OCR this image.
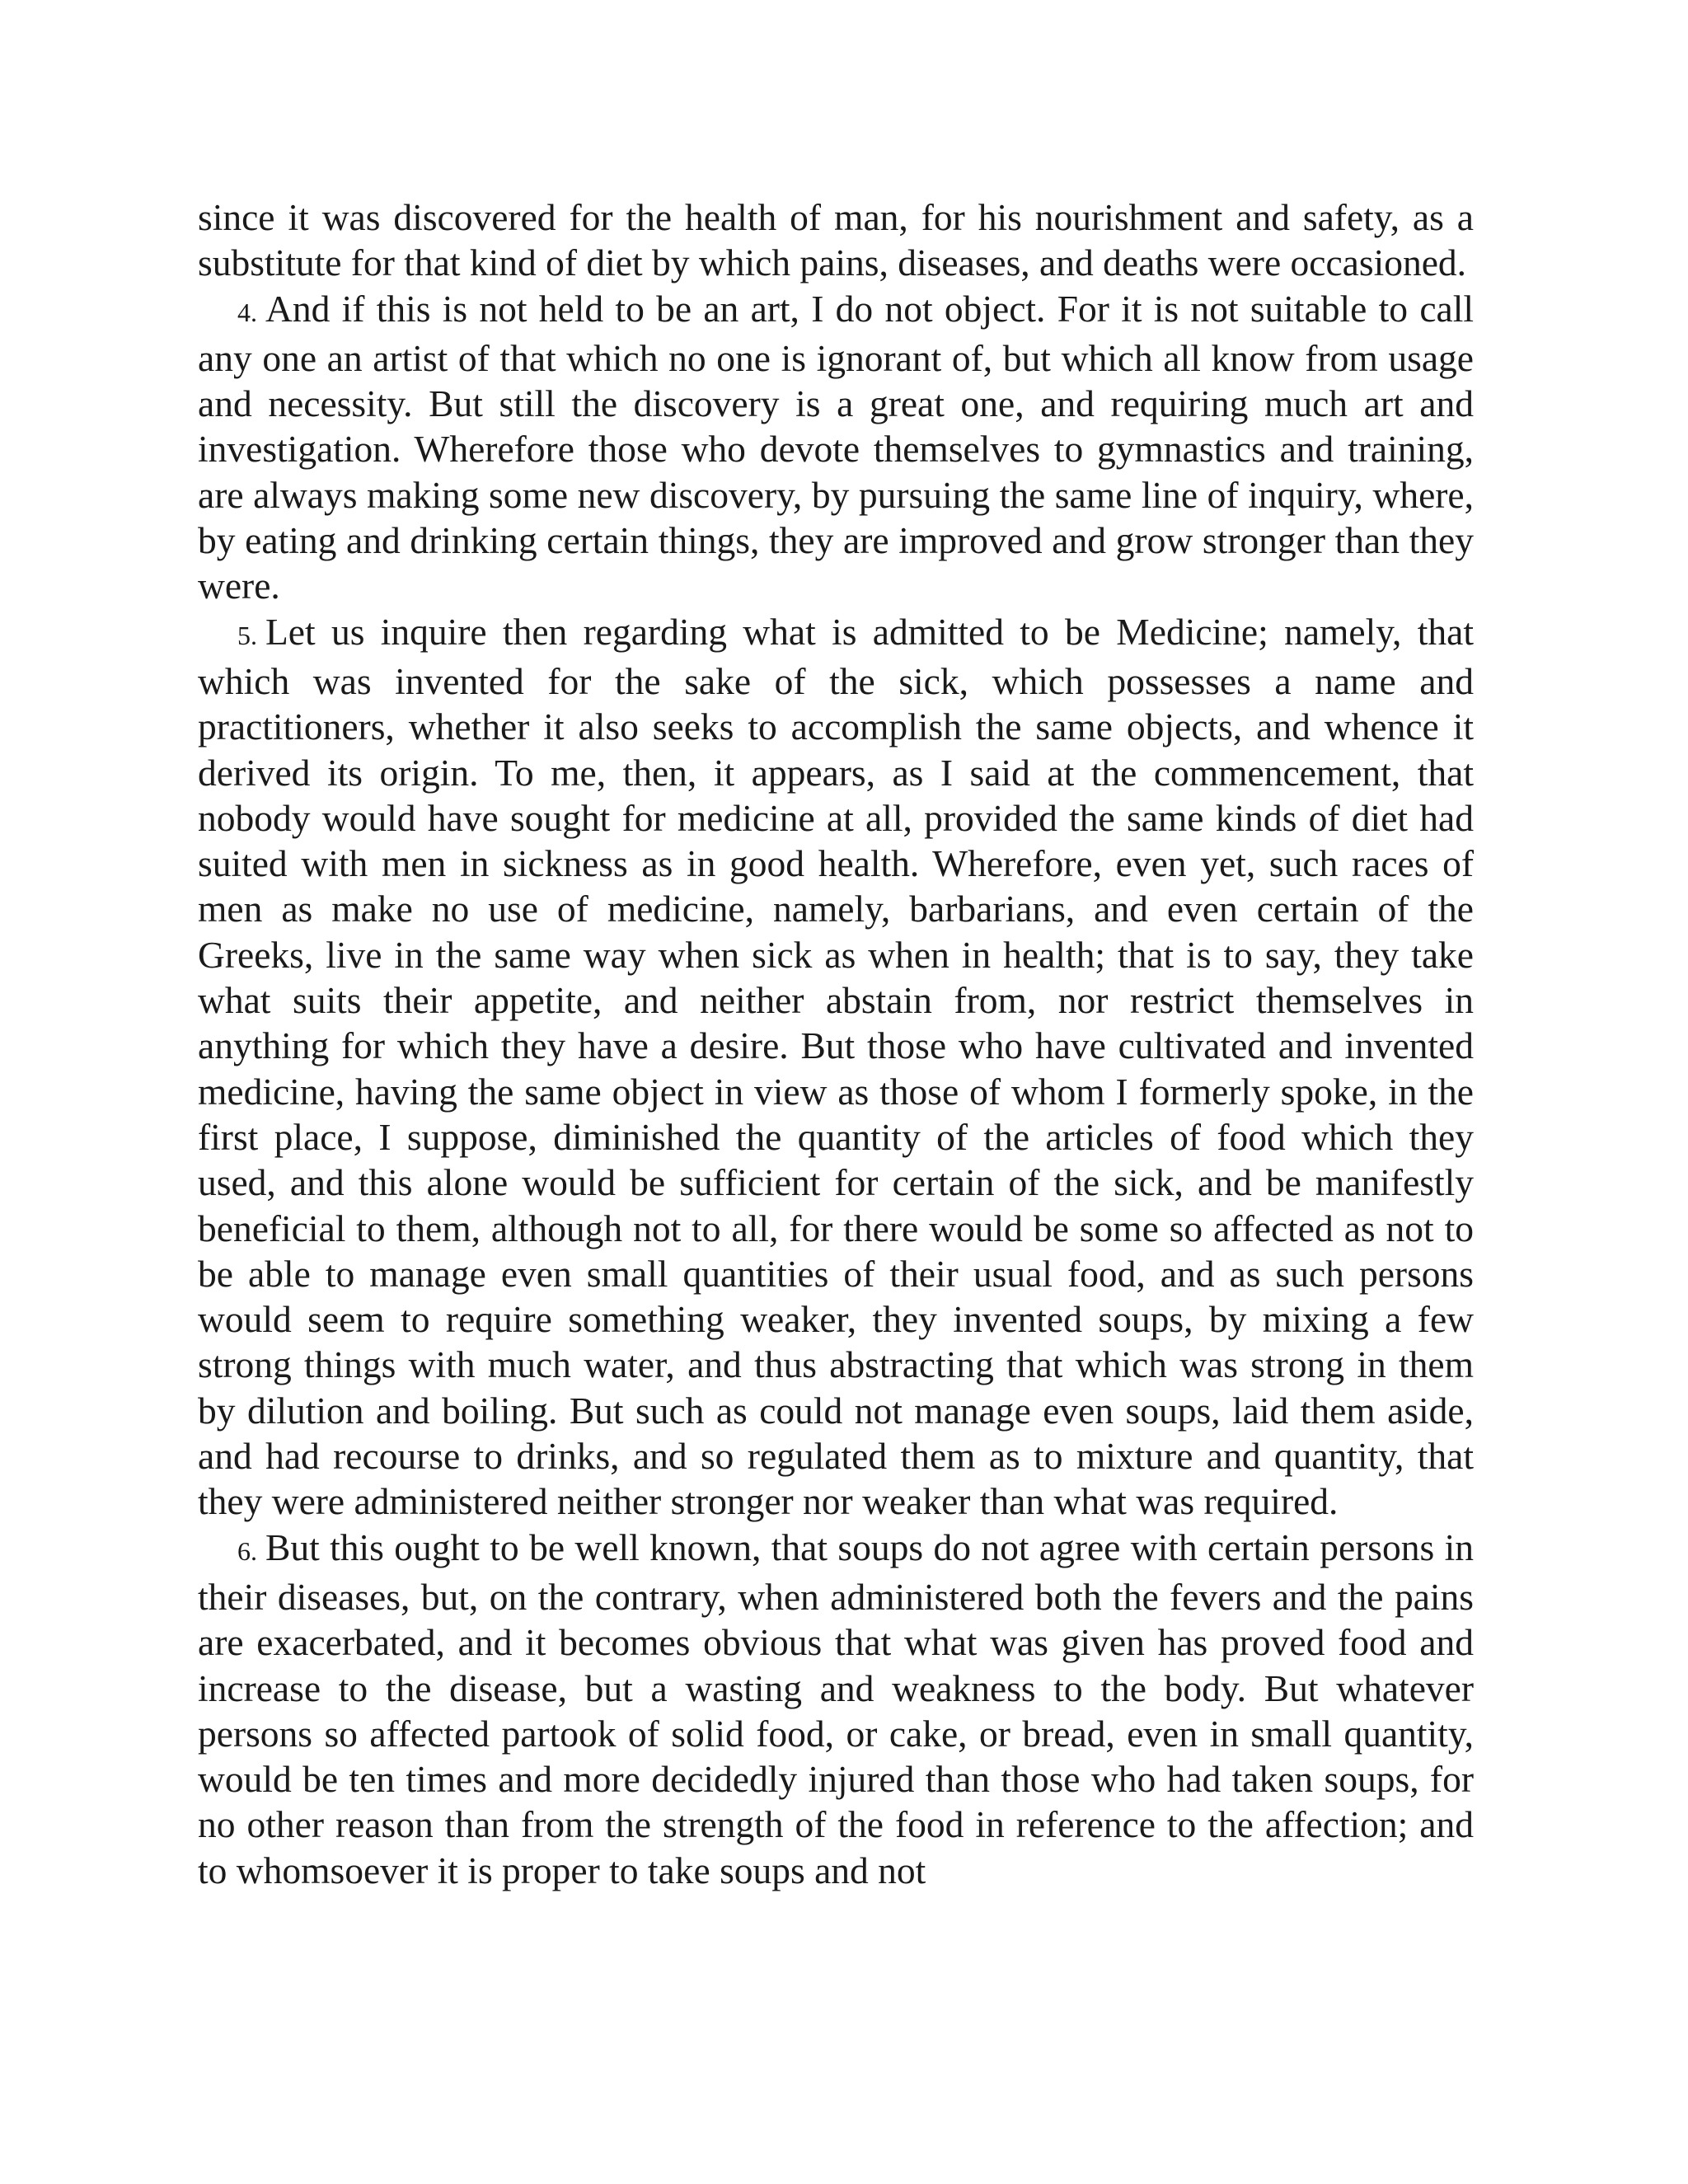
since it was discovered for the health of man, for his nourishment and safety, as a substitute for that kind of diet by which pains, diseases, and deaths were occasioned.

4. And if this is not held to be an art, I do not object. For it is not suitable to call any one an artist of that which no one is ignorant of, but which all know from usage and necessity. But still the discovery is a great one, and requiring much art and investigation. Wherefore those who devote themselves to gymnastics and training, are always making some new discovery, by pursuing the same line of inquiry, where, by eating and drinking certain things, they are improved and grow stronger than they were.

5. Let us inquire then regarding what is admitted to be Medicine; namely, that which was invented for the sake of the sick, which possesses a name and practitioners, whether it also seeks to accomplish the same objects, and whence it derived its origin. To me, then, it appears, as I said at the commencement, that nobody would have sought for medicine at all, provided the same kinds of diet had suited with men in sickness as in good health. Wherefore, even yet, such races of men as make no use of medicine, namely, barbarians, and even certain of the Greeks, live in the same way when sick as when in health; that is to say, they take what suits their appetite, and neither abstain from, nor restrict themselves in anything for which they have a desire. But those who have cultivated and invented medicine, having the same object in view as those of whom I formerly spoke, in the first place, I suppose, diminished the quantity of the articles of food which they used, and this alone would be sufficient for certain of the sick, and be manifestly beneficial to them, although not to all, for there would be some so affected as not to be able to manage even small quantities of their usual food, and as such persons would seem to require something weaker, they invented soups, by mixing a few strong things with much water, and thus abstracting that which was strong in them by dilution and boiling. But such as could not manage even soups, laid them aside, and had recourse to drinks, and so regulated them as to mixture and quantity, that they were administered neither stronger nor weaker than what was required.

6. But this ought to be well known, that soups do not agree with certain persons in their diseases, but, on the contrary, when administered both the fevers and the pains are exacerbated, and it becomes obvious that what was given has proved food and increase to the disease, but a wasting and weakness to the body. But whatever persons so affected partook of solid food, or cake, or bread, even in small quantity, would be ten times and more decidedly injured than those who had taken soups, for no other reason than from the strength of the food in reference to the affection; and to whomsoever it is proper to take soups and not
